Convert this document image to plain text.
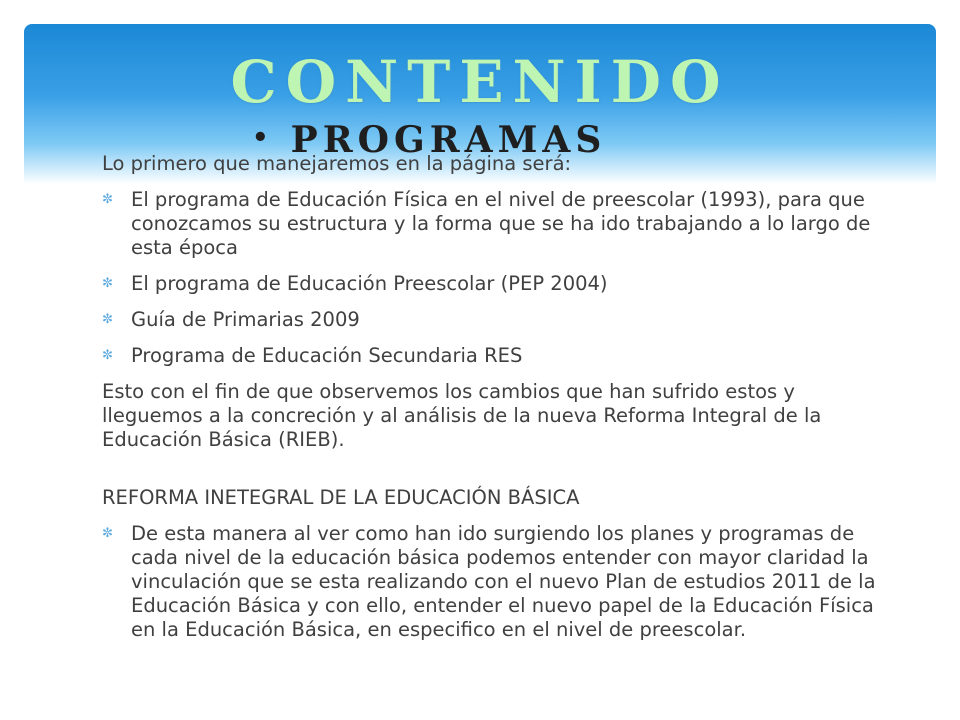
CONTENIDO
• PROGRAMAS

Lo primero que manejaremos en la página será:

✼ El programa de Educación Física en el nivel de preescolar (1993), para que conozcamos su estructura y la forma que se ha ido trabajando a lo largo de esta época
✼ El programa de Educación Preescolar (PEP 2004)
✼ Guía de Primarias 2009
✼ Programa de Educación Secundaria RES

Esto con el fin de que observemos los cambios que han sufrido estos y lleguemos a la concreción y al análisis de la nueva Reforma Integral de la Educación Básica (RIEB).

REFORMA INETEGRAL DE LA EDUCACIÓN BÁSICA

✼ De esta manera al ver como han ido surgiendo los planes y programas de cada nivel de la educación básica podemos entender con mayor claridad la vinculación que se esta realizando con el nuevo Plan de estudios 2011 de la Educación Básica y con ello, entender el nuevo papel de la Educación Física en la Educación Básica, en especifico en el nivel de preescolar.
